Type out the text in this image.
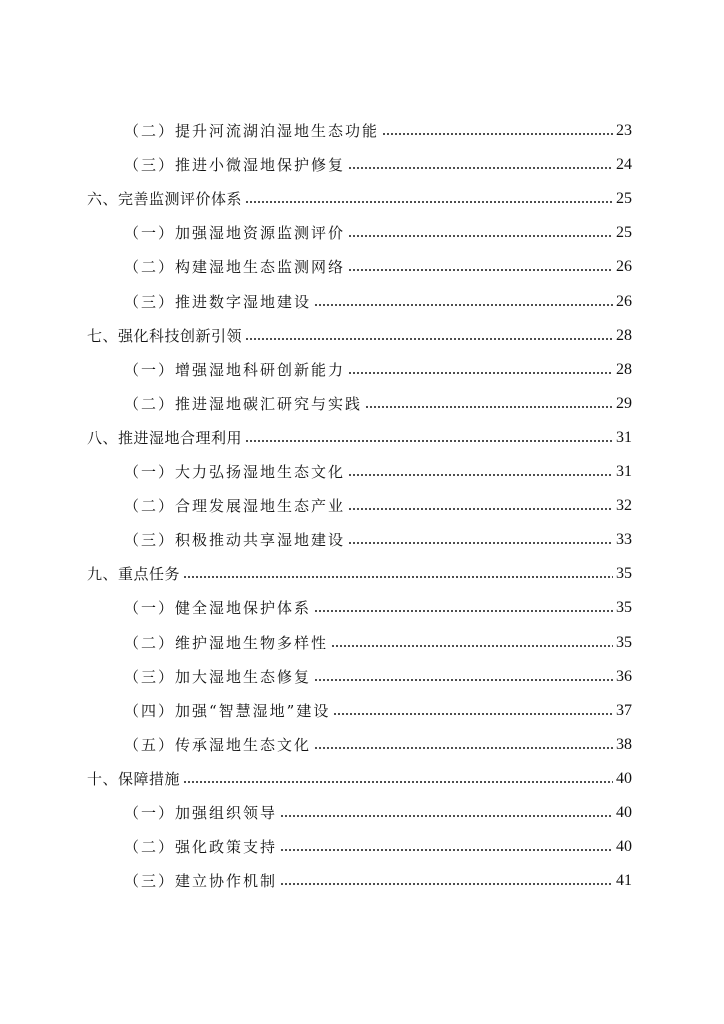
（二）提升河流湖泊湿地生态功能	23
（三）推进小微湿地保护修复	24
六、完善监测评价体系	25
（一）加强湿地资源监测评价	25
（二）构建湿地生态监测网络	26
（三）推进数字湿地建设	26
七、强化科技创新引领	28
（一）增强湿地科研创新能力	28
（二）推进湿地碳汇研究与实践	29
八、推进湿地合理利用	31
（一）大力弘扬湿地生态文化	31
（二）合理发展湿地生态产业	32
（三）积极推动共享湿地建设	33
九、重点任务	35
（一）健全湿地保护体系	35
（二）维护湿地生物多样性	35
（三）加大湿地生态修复	36
（四）加强“智慧湿地”建设	37
（五）传承湿地生态文化	38
十、保障措施	40
（一）加强组织领导	40
（二）强化政策支持	40
（三）建立协作机制	41
